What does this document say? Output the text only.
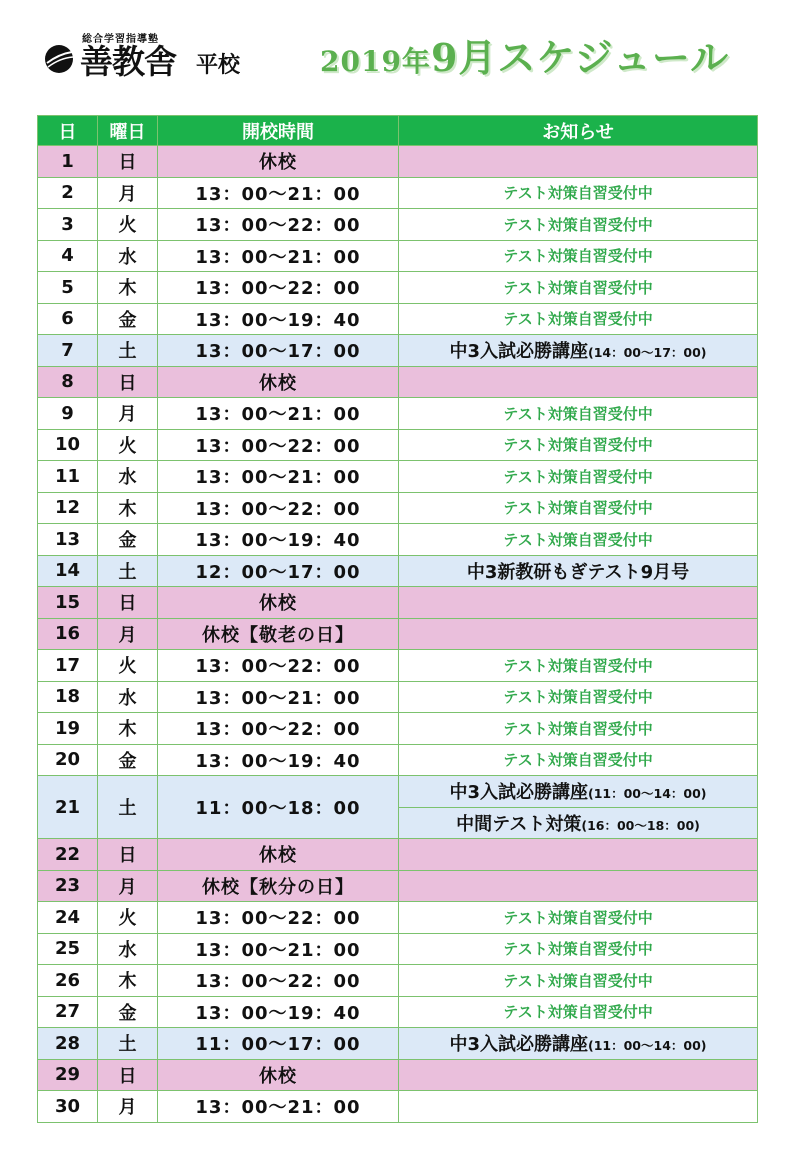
総合学習指導塾
善教舎 平校	2019年9月スケジュール
日	曜日	開校時間	お知らせ
1	日	休校	
2	月	13：00～21：00	テスト対策自習受付中
3	火	13：00～22：00	テスト対策自習受付中
4	水	13：00～21：00	テスト対策自習受付中
5	木	13：00～22：00	テスト対策自習受付中
6	金	13：00～19：40	テスト対策自習受付中
7	土	13：00～17：00	中3入試必勝講座(14：00～17：00)
8	日	休校	
9	月	13：00～21：00	テスト対策自習受付中
10	火	13：00～22：00	テスト対策自習受付中
11	水	13：00～21：00	テスト対策自習受付中
12	木	13：00～22：00	テスト対策自習受付中
13	金	13：00～19：40	テスト対策自習受付中
14	土	12：00～17：00	中3新教研もぎテスト9月号
15	日	休校	
16	月	休校【敬老の日】	
17	火	13：00～22：00	テスト対策自習受付中
18	水	13：00～21：00	テスト対策自習受付中
19	木	13：00～22：00	テスト対策自習受付中
20	金	13：00～19：40	テスト対策自習受付中
21	土	11：00～18：00	中3入試必勝講座(11：00～14：00)
			中間テスト対策(16：00～18：00)
22	日	休校	
23	月	休校【秋分の日】	
24	火	13：00～22：00	テスト対策自習受付中
25	水	13：00～21：00	テスト対策自習受付中
26	木	13：00～22：00	テスト対策自習受付中
27	金	13：00～19：40	テスト対策自習受付中
28	土	11：00～17：00	中3入試必勝講座(11：00～14：00)
29	日	休校	
30	月	13：00～21：00	
